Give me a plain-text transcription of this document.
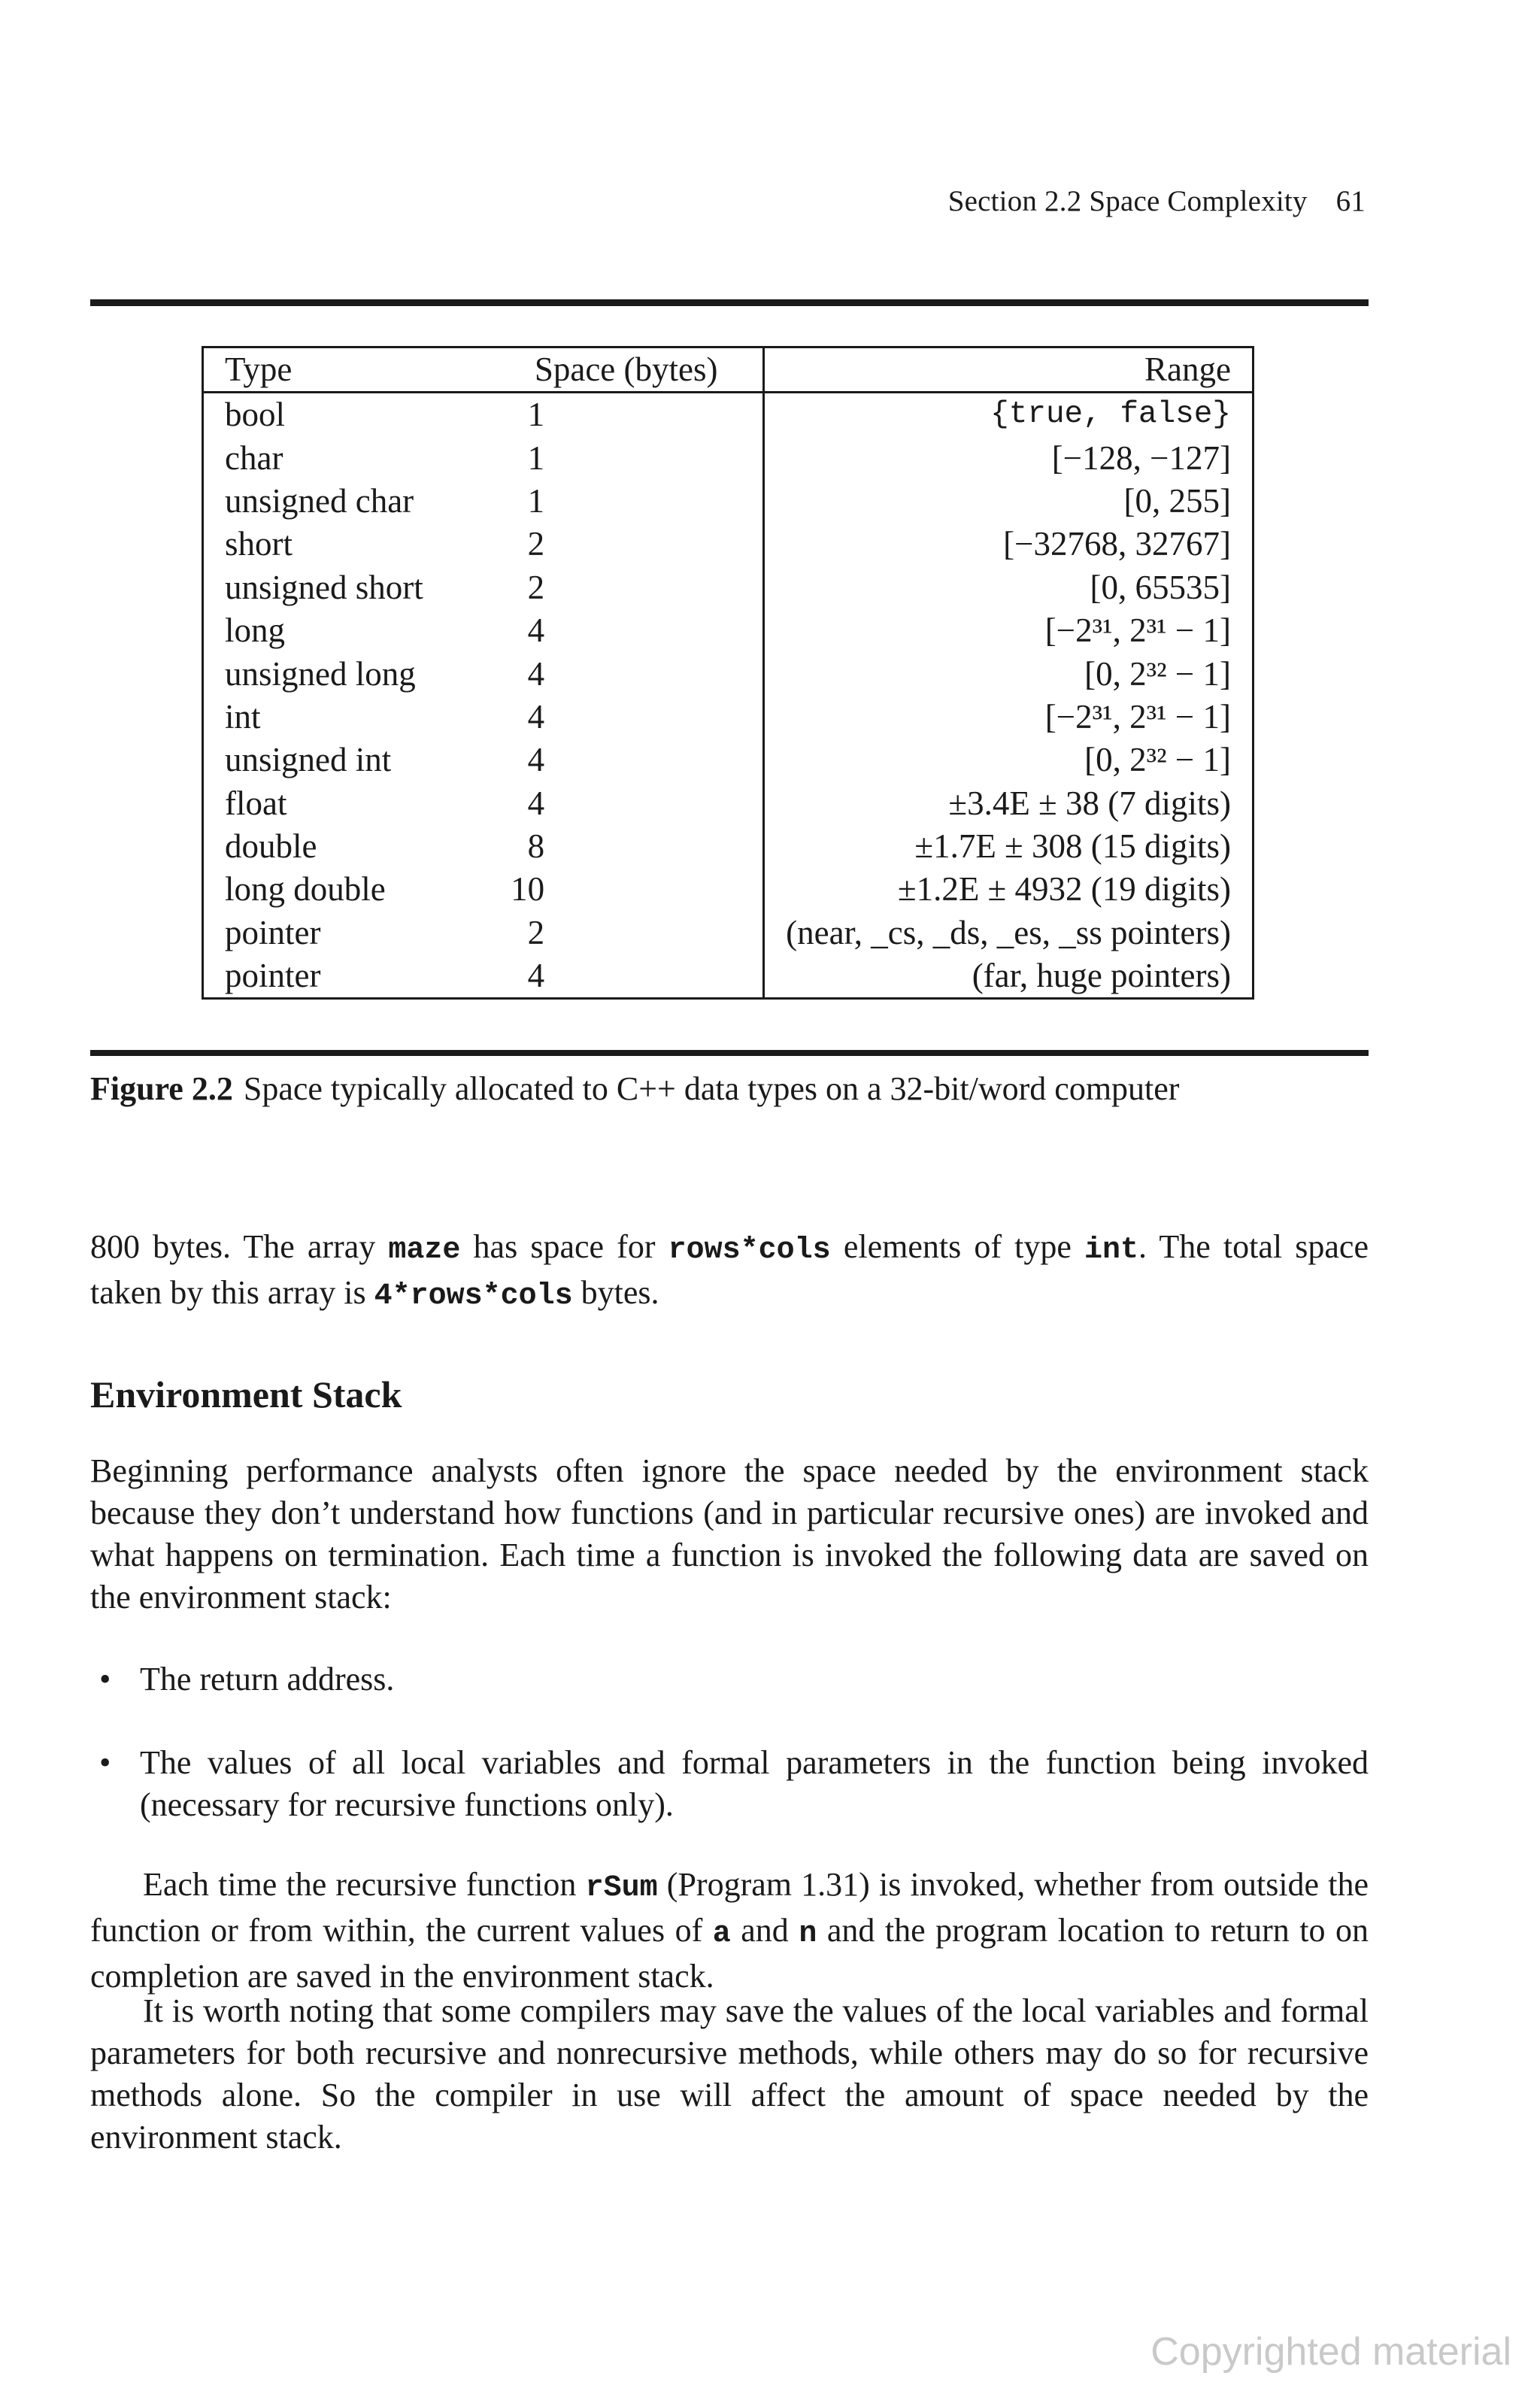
Section 2.2 Space Complexity 61
Type	Space (bytes)	Range
bool	1	{true, false}
char	1	[−128, −127]
unsigned char	1	[0, 255]
short	2	[−32768, 32767]
unsigned short	2	[0, 65535]
long	4	[−2³¹, 2³¹ − 1]
unsigned long	4	[0, 2³² − 1]
int	4	[−2³¹, 2³¹ − 1]
unsigned int	4	[0, 2³² − 1]
float	4	±3.4E ± 38 (7 digits)
double	8	±1.7E ± 308 (15 digits)
long double	10	±1.2E ± 4932 (19 digits)
pointer	2	(near, _cs, _ds, _es, _ss pointers)
pointer	4	(far, huge pointers)
Figure 2.2 Space typically allocated to C++ data types on a 32-bit/word computer
800 bytes. The array maze has space for rows*cols elements of type int. The total space taken by this array is 4*rows*cols bytes.
Environment Stack
Beginning performance analysts often ignore the space needed by the environment stack because they don’t understand how functions (and in particular recursive ones) are invoked and what happens on termination. Each time a function is invoked the following data are saved on the environment stack:
• The return address.
• The values of all local variables and formal parameters in the function being invoked (necessary for recursive functions only).
Each time the recursive function rSum (Program 1.31) is invoked, whether from outside the function or from within, the current values of a and n and the program location to return to on completion are saved in the environment stack.
It is worth noting that some compilers may save the values of the local variables and formal parameters for both recursive and nonrecursive methods, while others may do so for recursive methods alone. So the compiler in use will affect the amount of space needed by the environment stack.
Copyrighted material
